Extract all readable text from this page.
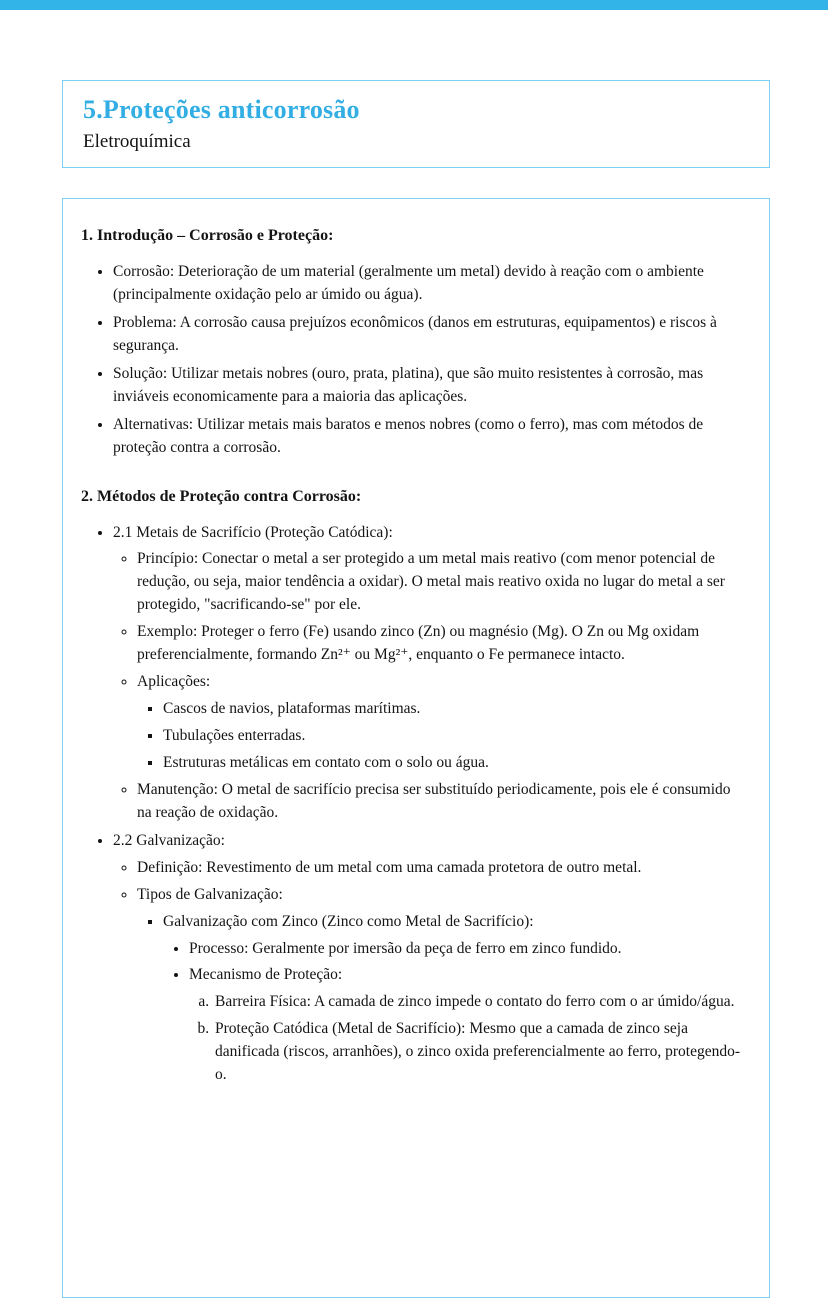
5.Proteções anticorrosão
Eletroquímica
1. Introdução – Corrosão e Proteção:
• Corrosão: Deterioração de um material (geralmente um metal) devido à reação com o ambiente (principalmente oxidação pelo ar úmido ou água).
• Problema: A corrosão causa prejuízos econômicos (danos em estruturas, equipamentos) e riscos à segurança.
• Solução: Utilizar metais nobres (ouro, prata, platina), que são muito resistentes à corrosão, mas inviáveis economicamente para a maioria das aplicações.
• Alternativas: Utilizar metais mais baratos e menos nobres (como o ferro), mas com métodos de proteção contra a corrosão.
2. Métodos de Proteção contra Corrosão:
• 2.1 Metais de Sacrifício (Proteção Catódica):
◦ Princípio: Conectar o metal a ser protegido a um metal mais reativo (com menor potencial de redução, ou seja, maior tendência a oxidar). O metal mais reativo oxida no lugar do metal a ser protegido, "sacrificando-se" por ele.
◦ Exemplo: Proteger o ferro (Fe) usando zinco (Zn) ou magnésio (Mg). O Zn ou Mg oxidam preferencialmente, formando Zn²⁺ ou Mg²⁺, enquanto o Fe permanece intacto.
◦ Aplicações:
▪ Cascos de navios, plataformas marítimas.
▪ Tubulações enterradas.
▪ Estruturas metálicas em contato com o solo ou água.
◦ Manutenção: O metal de sacrifício precisa ser substituído periodicamente, pois ele é consumido na reação de oxidação.
• 2.2 Galvanização:
◦ Definição: Revestimento de um metal com uma camada protetora de outro metal.
◦ Tipos de Galvanização:
▪ Galvanização com Zinco (Zinco como Metal de Sacrifício):
• Processo: Geralmente por imersão da peça de ferro em zinco fundido.
• Mecanismo de Proteção:
a. Barreira Física: A camada de zinco impede o contato do ferro com o ar úmido/água.
b. Proteção Catódica (Metal de Sacrifício): Mesmo que a camada de zinco seja danificada (riscos, arranhões), o zinco oxida preferencialmente ao ferro, protegendo-o.
